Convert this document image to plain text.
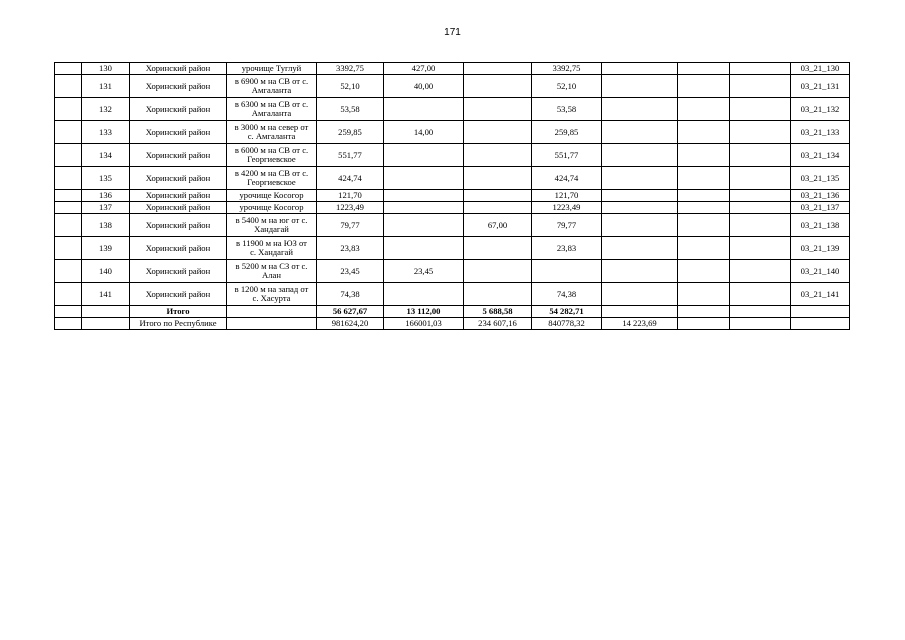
171
	130	Хоринский район	урочище Туглуй	3392,75	427,00		3392,75				03_21_130
	131	Хоринский район	в 6900 м на СВ от с.
Амгаланта	52,10	40,00		52,10				03_21_131
	132	Хоринский район	в 6300 м на СВ от с.
Амгаланта	53,58			53,58				03_21_132
	133	Хоринский район	в 3000 м на север от
с. Амгаланта	259,85	14,00		259,85				03_21_133
	134	Хоринский район	в 6000 м на СВ от с.
Георгиевское	551,77			551,77				03_21_134
	135	Хоринский район	в 4200 м на СВ от с.
Георгиевское	424,74			424,74				03_21_135
	136	Хоринский район	урочище Косогор	121,70			121,70				03_21_136
	137	Хоринский район	урочище Косогор	1223,49			1223,49				03_21_137
	138	Хоринский район	в 5400 м на юг от с.
Хандагай	79,77		67,00	79,77				03_21_138
	139	Хоринский район	в 11900 м на ЮЗ от
с. Хандагай	23,83			23,83				03_21_139
	140	Хоринский район	в 5200 м на СЗ от с.
Алан	23,45	23,45						03_21_140
	141	Хоринский район	в 1200 м на запад от
с. Хасурта	74,38			74,38				03_21_141
		Итого		56 627,67	13 112,00	5 688,58	54 282,71				
		Итого по Республике		981624,20	166001,03	234 607,16	840778,32	14 223,69			
